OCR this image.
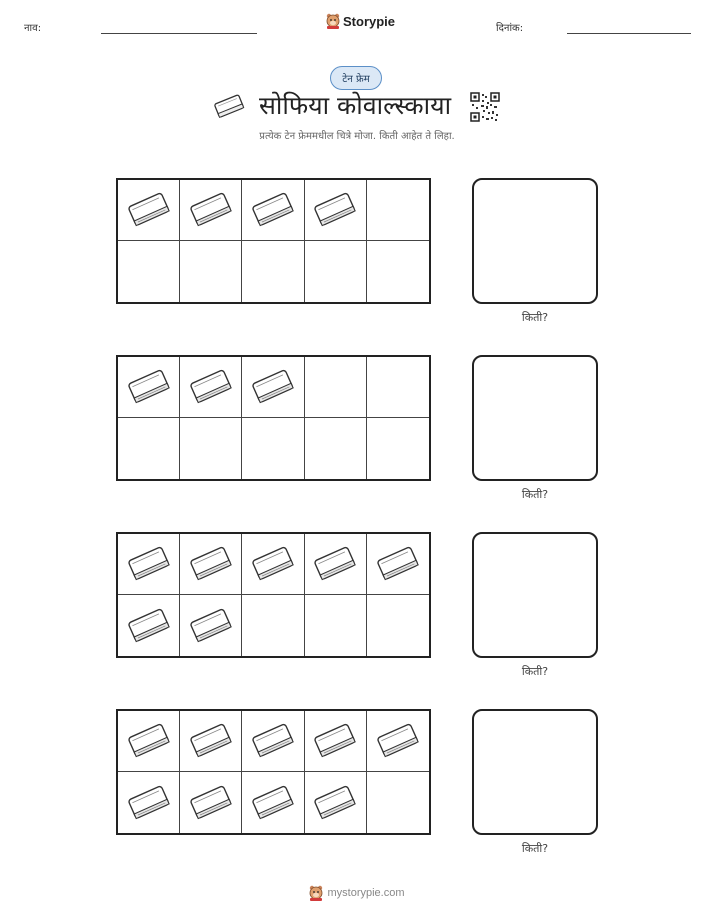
नाव:	Storypie	दिनांक:
टेन फ्रेम
सोफिया कोवाल्स्काया
प्रत्येक टेन फ्रेममधील चित्रे मोजा. किती आहेत ते लिहा.
किती?
किती?
किती?
किती?
mystorypie.com
